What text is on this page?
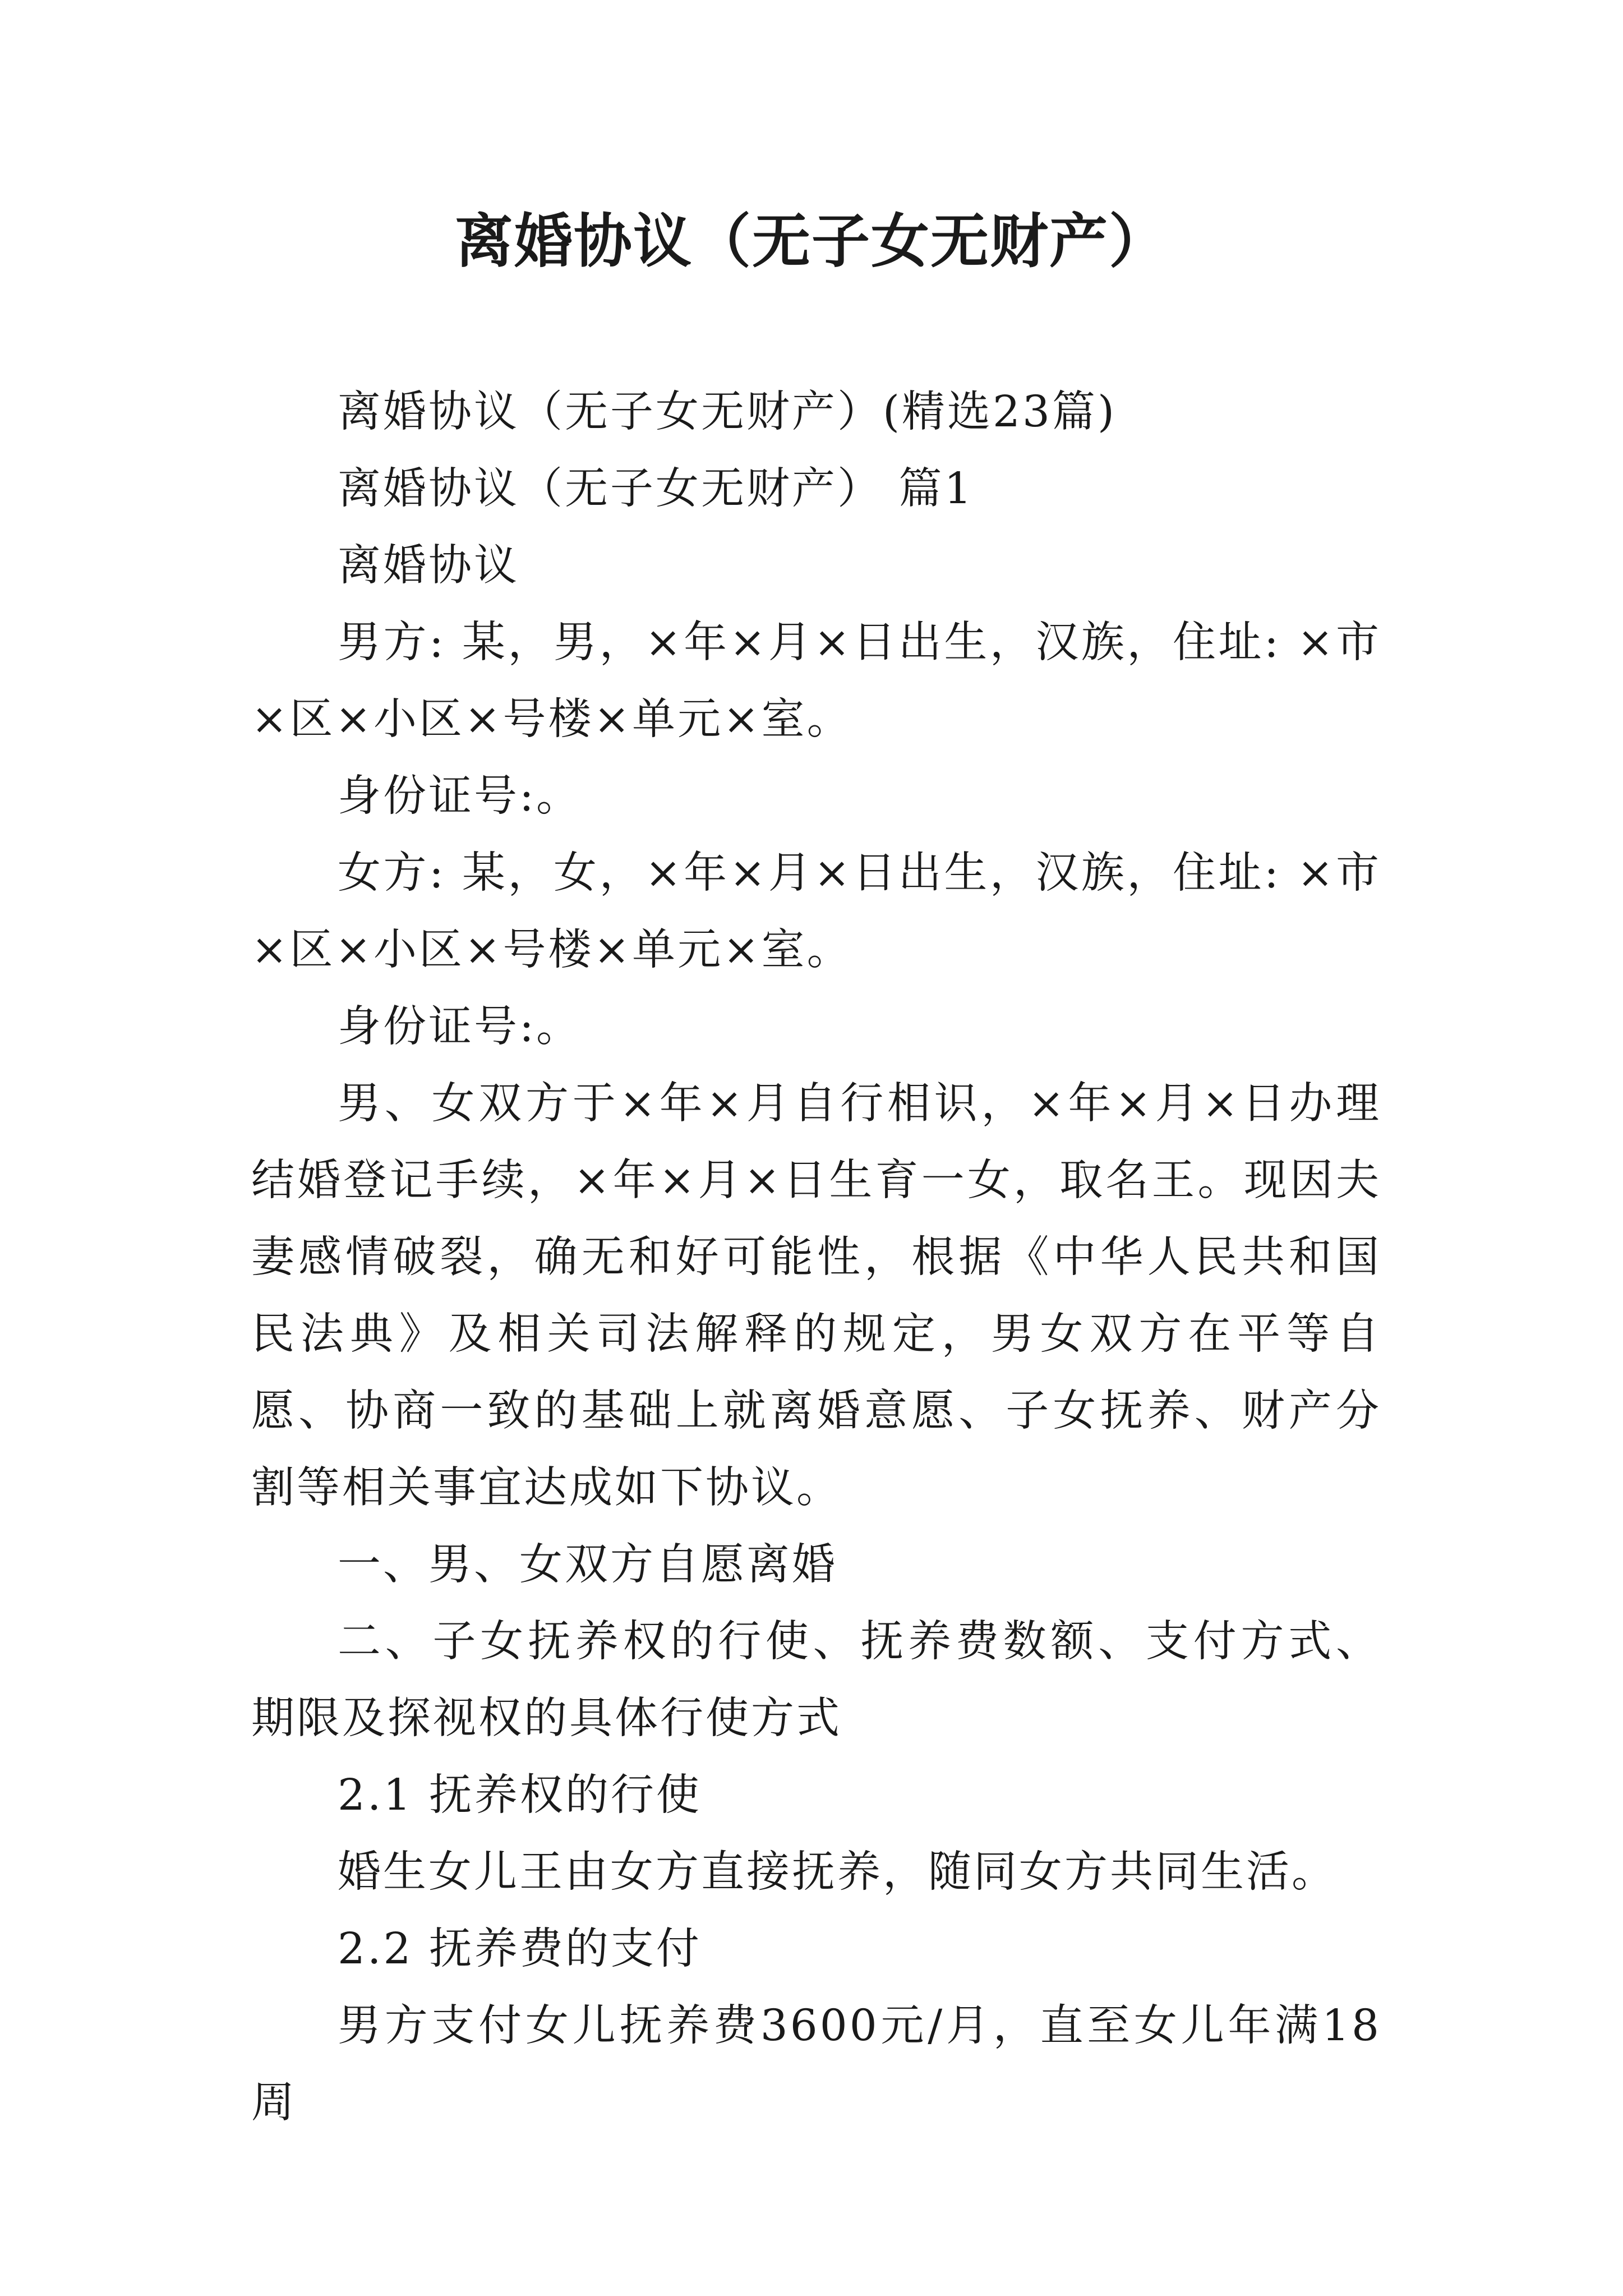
离婚协议（无子女无财产）

离婚协议（无子女无财产）(精选23篇)

离婚协议（无子女无财产） 篇1

离婚协议

男方: 某，男，×年×月×日出生，汉族，住址: ×市×区×小区×号楼×单元×室。

身份证号:。

女方: 某，女，×年×月×日出生，汉族，住址: ×市×区×小区×号楼×单元×室。

身份证号:。

男、女双方于×年×月自行相识，×年×月×日办理结婚登记手续，×年×月×日生育一女，取名王。现因夫妻感情破裂，确无和好可能性，根据《中华人民共和国民法典》及相关司法解释的规定，男女双方在平等自愿、协商一致的基础上就离婚意愿、子女抚养、财产分割等相关事宜达成如下协议。

一、男、女双方自愿离婚

二、子女抚养权的行使、抚养费数额、支付方式、期限及探视权的具体行使方式

2.1 抚养权的行使

婚生女儿王由女方直接抚养，随同女方共同生活。

2.2 抚养费的支付

男方支付女儿抚养费3600元/月，直至女儿年满18周
